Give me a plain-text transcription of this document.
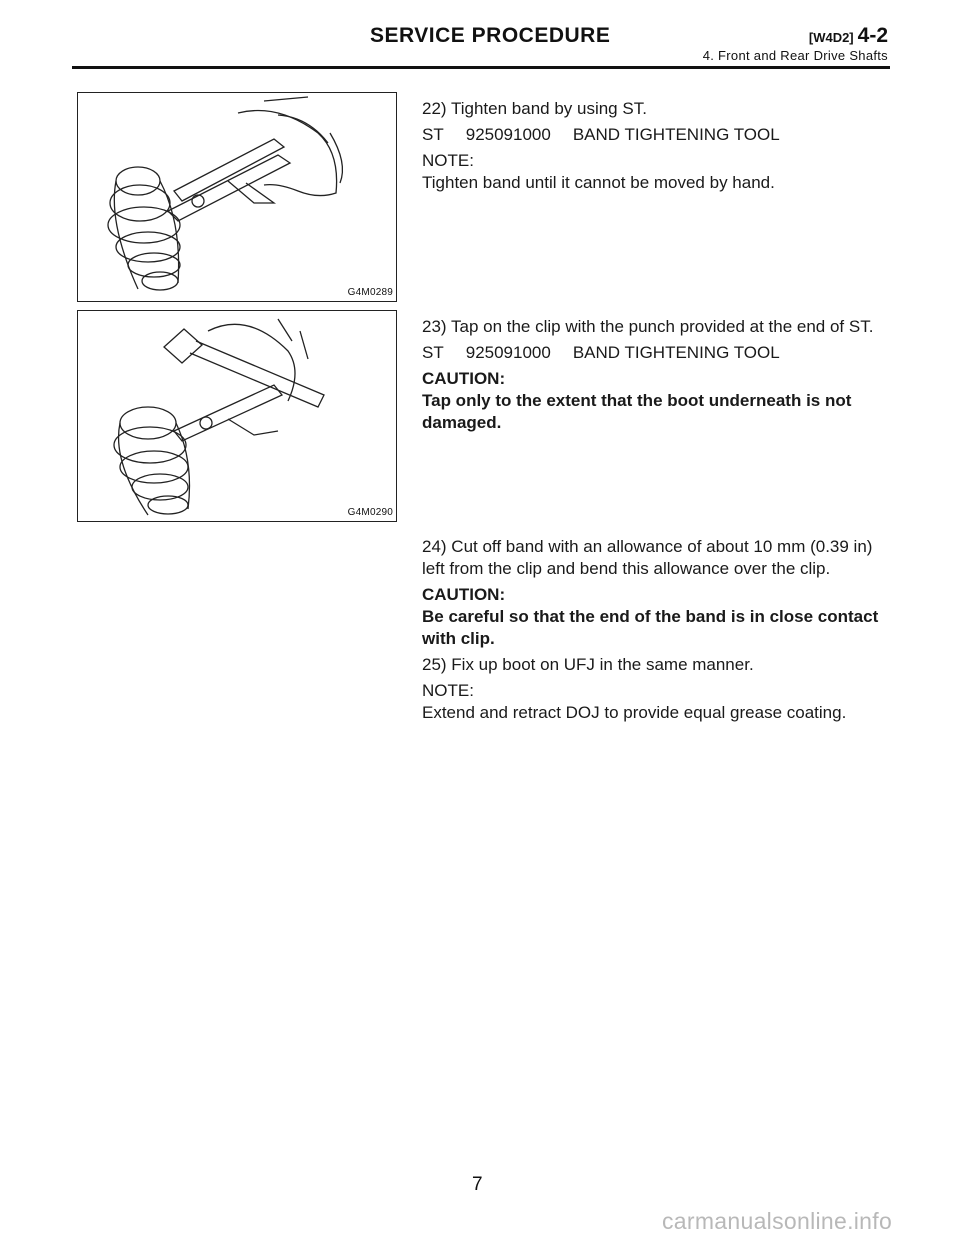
SERVICE PROCEDURE	[W4D2] 4-2
4. Front and Rear Drive Shafts
G4M0289
G4M0290

22) Tighten band by using ST.

ST 925091000 BAND TIGHTENING TOOL

NOTE:

Tighten band until it cannot be moved by hand.

23) Tap on the clip with the punch provided at the end of ST.

ST 925091000 BAND TIGHTENING TOOL

CAUTION:

Tap only to the extent that the boot underneath is not damaged.

24) Cut off band with an allowance of about 10 mm (0.39 in) left from the clip and bend this allowance over the clip.

CAUTION:

Be careful so that the end of the band is in close contact with clip.

25) Fix up boot on UFJ in the same manner.

NOTE:

Extend and retract DOJ to provide equal grease coating.

7
carmanualsonline.info
